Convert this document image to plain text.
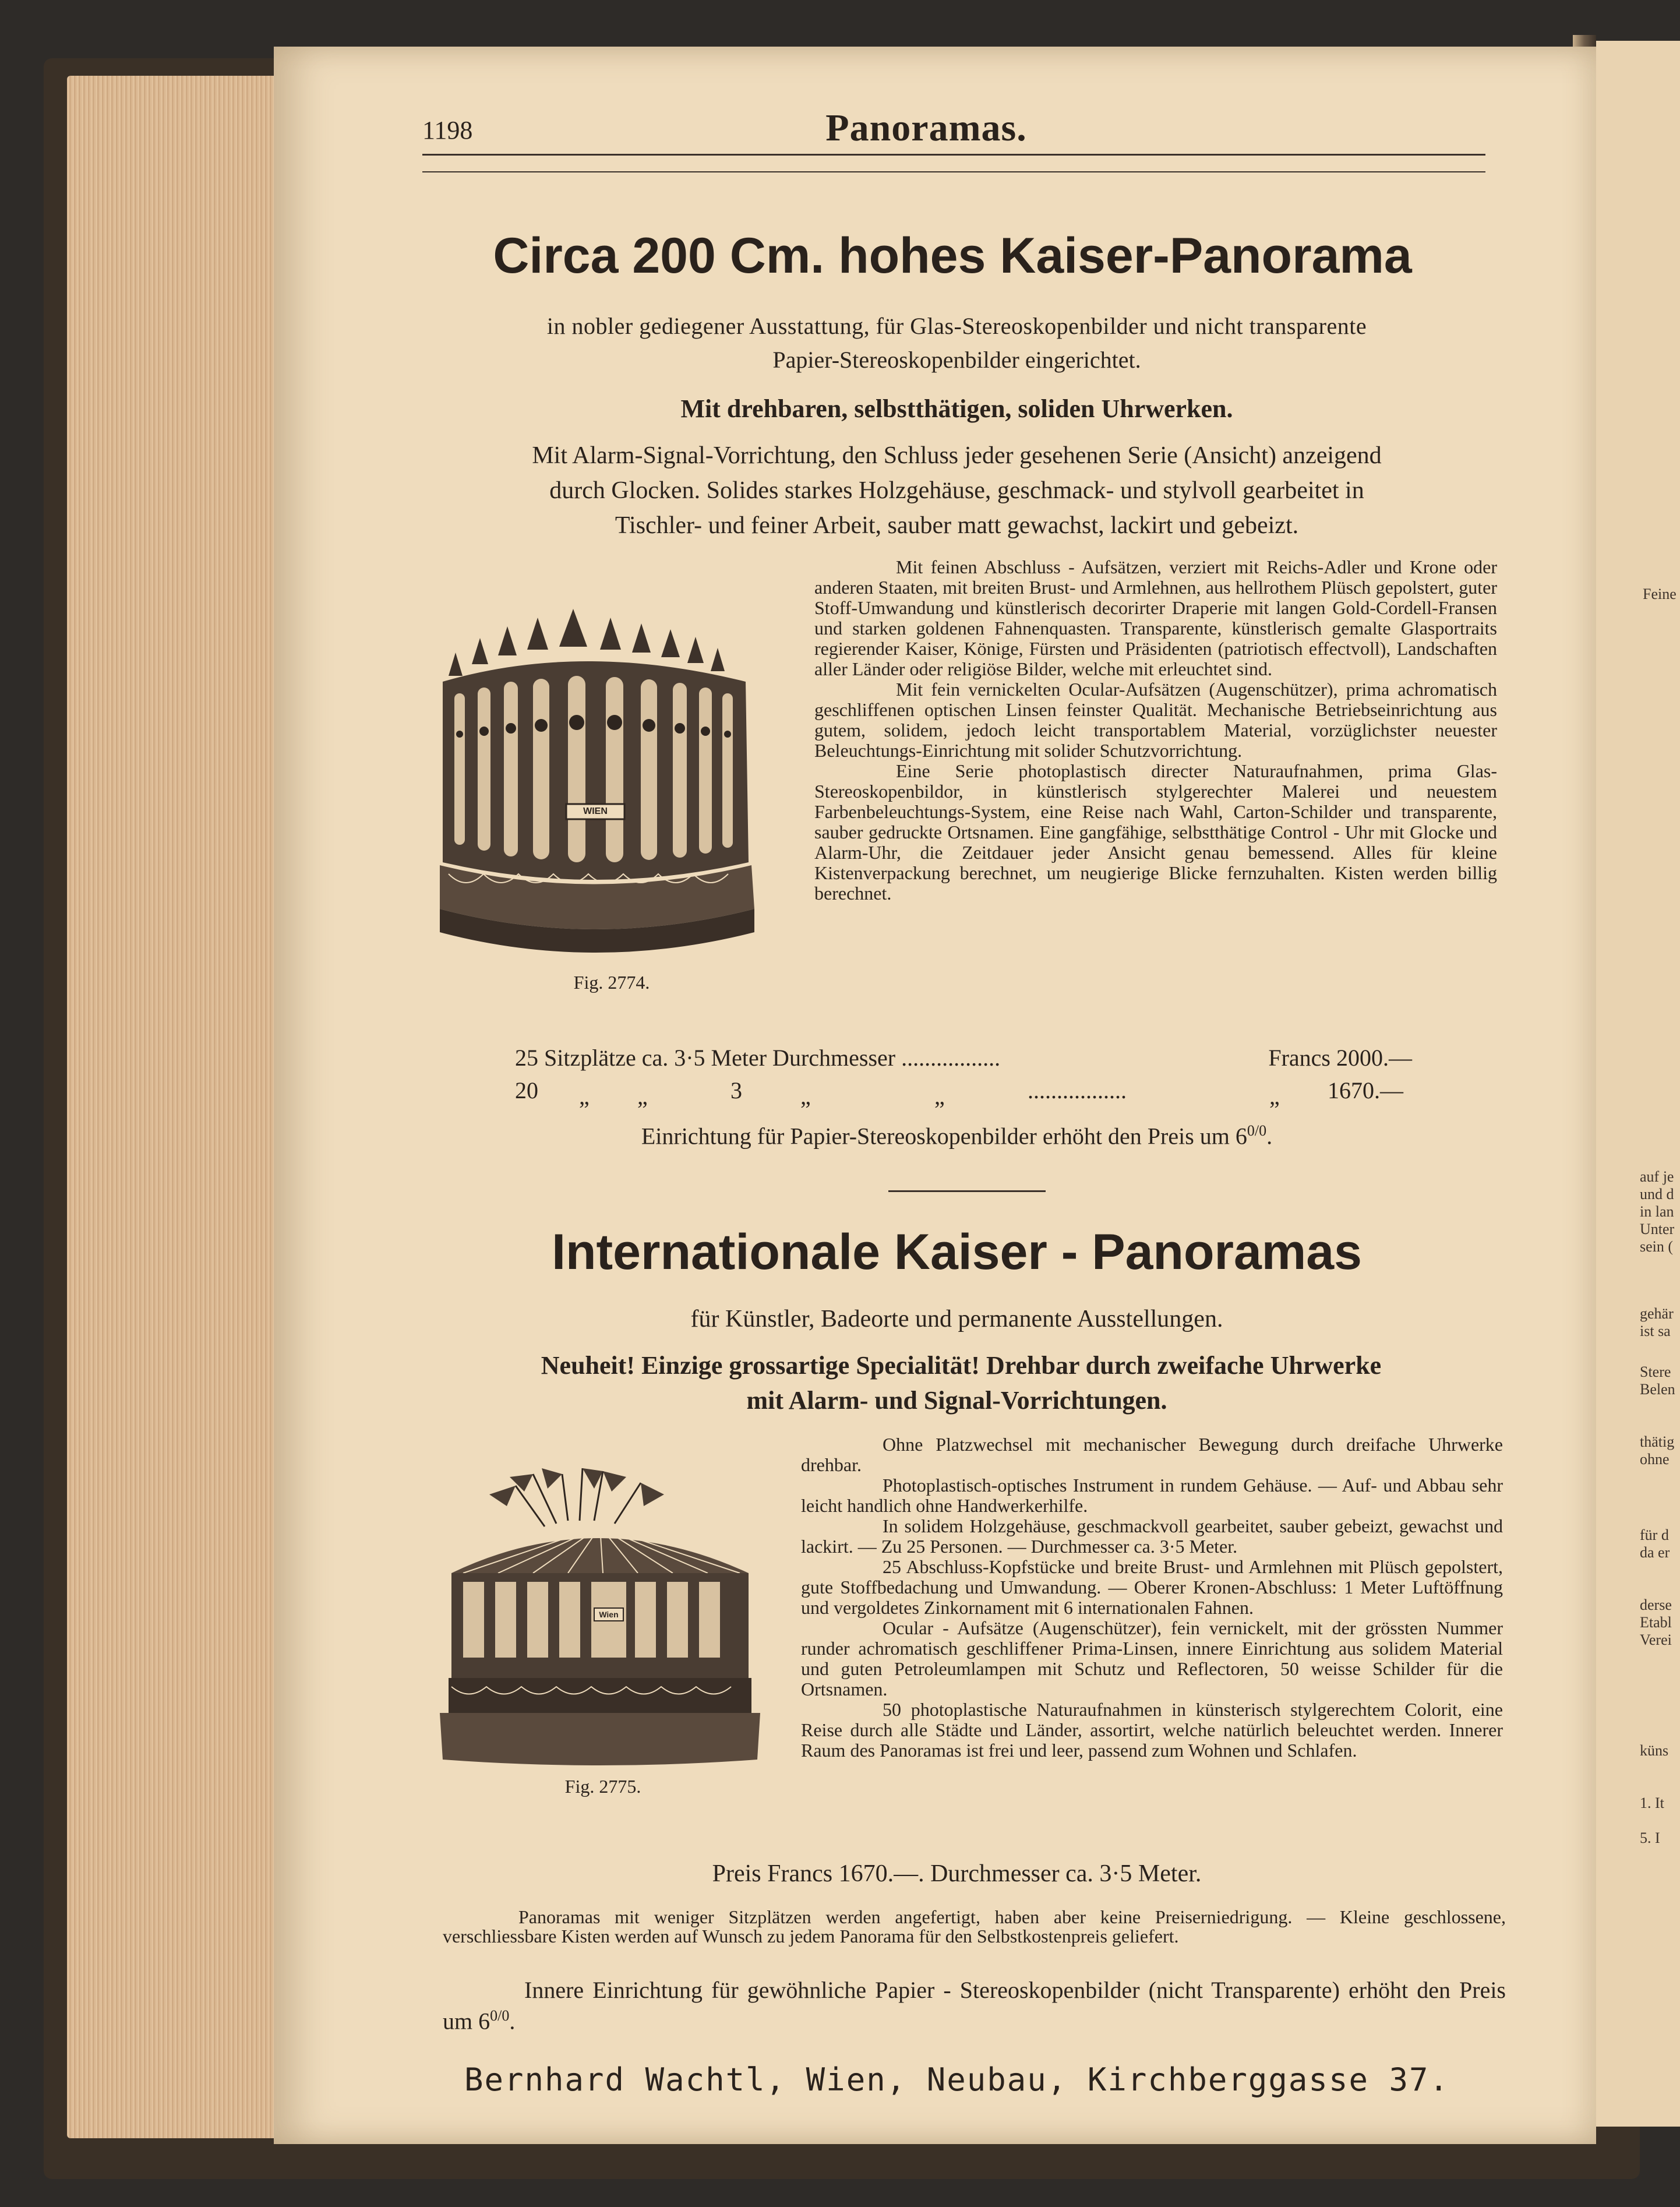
Feine
auf je
und d
in lan
Unter
sein (
gehär
ist sa
Stere
Belen
thätig
ohne
für d
da er
derse
Etabl
Verei
küns
1. It
5. I
1198	Panoramas.
Circa 200 Cm. hohes Kaiser-Panorama
in nobler gediegener Ausstattung, für Glas-Stereoskopenbilder und nicht transparente
Papier-Stereoskopenbilder eingerichtet.
Mit drehbaren, selbstthätigen, soliden Uhrwerken.
Mit Alarm-Signal-Vorrichtung, den Schluss jeder gesehenen Serie (Ansicht) anzeigend
durch Glocken. Solides starkes Holzgehäuse, geschmack- und stylvoll gearbeitet in
Tischler- und feiner Arbeit, sauber matt gewachst, lackirt und gebeizt.
WIEN
Fig. 2774.

Mit feinen Abschluss - Aufsätzen, verziert mit Reichs-Adler und Krone oder anderen Staaten, mit breiten Brust- und Armlehnen, aus hellrothem Plüsch gepolstert, guter Stoff-Umwandung und künstlerisch decorirter Draperie mit langen Gold-Cordell-Fransen und starken goldenen Fahnenquasten. Transparente, künstlerisch gemalte Glasportraits regierender Kaiser, Könige, Fürsten und Präsidenten (patriotisch effectvoll), Landschaften aller Länder oder religiöse Bilder, welche mit erleuchtet sind.

Mit fein vernickelten Ocular-Aufsätzen (Augenschützer), prima achromatisch geschliffenen optischen Linsen feinster Qualität. Mechanische Betriebseinrichtung aus gutem, solidem, jedoch leicht transportablem Material, vorzüglichster neuester Beleuchtungs-Einrichtung mit solider Schutzvorrichtung.

Eine Serie photoplastisch directer Naturaufnahmen, prima Glas-Stereoskopenbildor, in künstlerisch stylgerechter Malerei und neuestem Farbenbeleuchtungs-System, eine Reise nach Wahl, Carton-Schilder und transparente, sauber gedruckte Ortsnamen. Eine gangfähige, selbstthätige Control - Uhr mit Glocke und Alarm-Uhr, die Zeitdauer jeder Ansicht genau bemessend. Alles für kleine Kistenverpackung berechnet, um neugierige Blicke fernzuhalten. Kisten werden billig berechnet.

25 Sitzplätze ca. 3·5 Meter Durchmesser .................	Francs 2000.—
20 „ „	3	„	„	.................	„ 1670.—
Einrichtung für Papier-Stereoskopenbilder erhöht den Preis um $6^{0/0}$.
Internationale Kaiser - Panoramas
für Künstler, Badeorte und permanente Ausstellungen.
Neuheit! Einzige grossartige Specialität! Drehbar durch zweifache Uhrwerke
mit Alarm- und Signal-Vorrichtungen.
Wien
Fig. 2775.

Ohne Platzwechsel mit mechanischer Bewegung durch dreifache Uhrwerke drehbar.

Photoplastisch-optisches Instrument in rundem Gehäuse. — Auf- und Abbau sehr leicht handlich ohne Handwerkerhilfe.

In solidem Holzgehäuse, geschmackvoll gearbeitet, sauber gebeizt, gewachst und lackirt. — Zu 25 Personen. — Durchmesser ca. 3·5 Meter.

25 Abschluss-Kopfstücke und breite Brust- und Armlehnen mit Plüsch gepolstert, gute Stoffbedachung und Umwandung. — Oberer Kronen-Abschluss: 1 Meter Luftöffnung und vergoldetes Zinkornament mit 6 internationalen Fahnen.

Ocular - Aufsätze (Augenschützer), fein vernickelt, mit der grössten Nummer runder achromatisch geschliffener Prima-Linsen, innere Einrichtung aus solidem Material und guten Petroleumlampen mit Schutz und Reflectoren, 50 weisse Schilder für die Ortsnamen.

50 photoplastische Naturaufnahmen in künsterisch stylgerechtem Colorit, eine Reise durch alle Städte und Länder, assortirt, welche natürlich beleuchtet werden. Innerer Raum des Panoramas ist frei und leer, passend zum Wohnen und Schlafen.

Preis Francs 1670.—. Durchmesser ca. 3·5 Meter.

Panoramas mit weniger Sitzplätzen werden angefertigt, haben aber keine Preiserniedrigung. — Kleine geschlossene, verschliessbare Kisten werden auf Wunsch zu jedem Panorama für den Selbstkostenpreis geliefert.

Innere Einrichtung für gewöhnliche Papier - Stereoskopenbilder (nicht Transparente) erhöht den Preis um $6^{0/0}$.
Bernhard Wachtl, Wien, Neubau, Kirchberggasse 37.
